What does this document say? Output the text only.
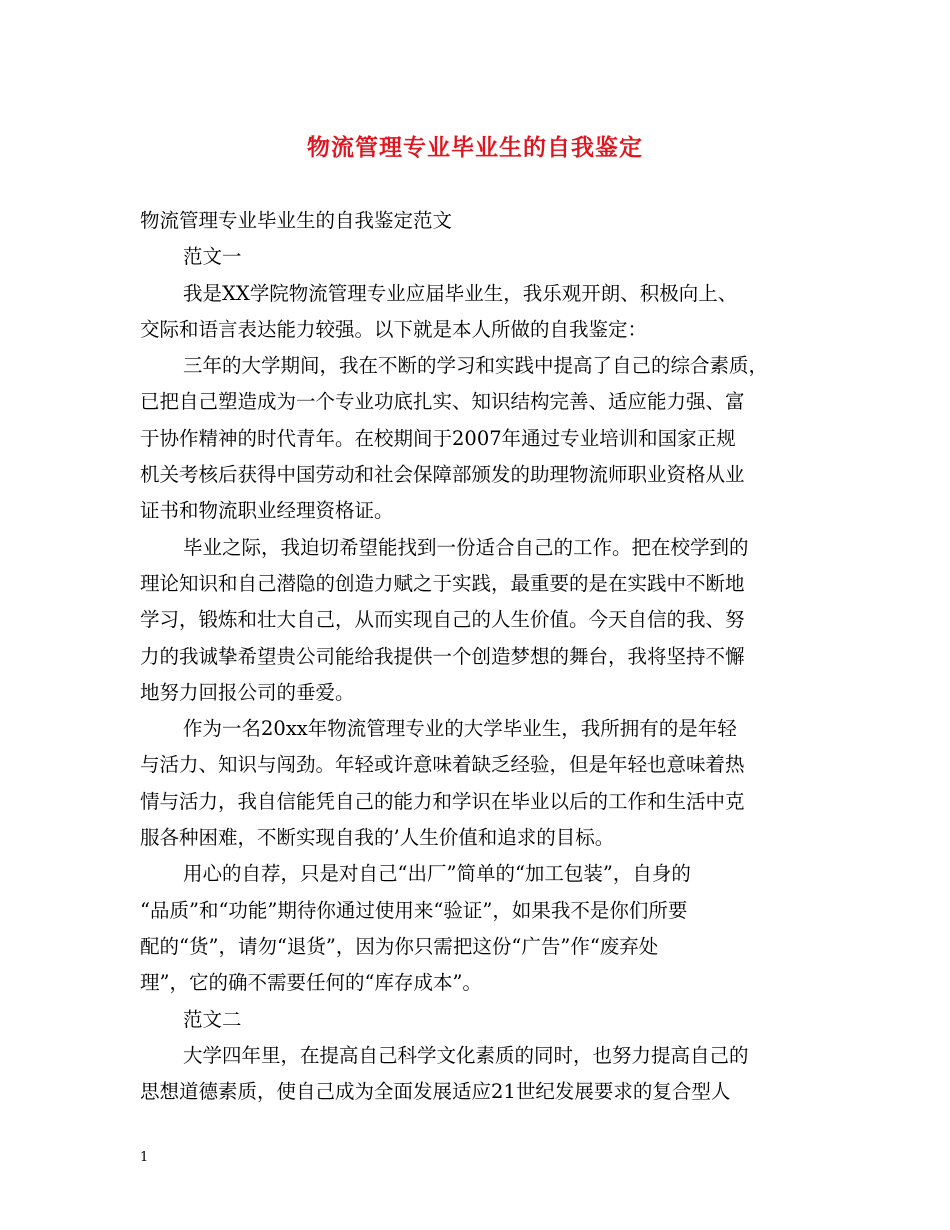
物流管理专业毕业生的自我鉴定

物流管理专业毕业生的自我鉴定范文

范文一

我是XX学院物流管理专业应届毕业生，我乐观开朗、积极向上、

交际和语言表达能力较强。以下就是本人所做的自我鉴定：

三年的大学期间，我在不断的学习和实践中提高了自己的综合素质，

已把自己塑造成为一个专业功底扎实、知识结构完善、适应能力强、富

于协作精神的时代青年。在校期间于2007年通过专业培训和国家正规

机关考核后获得中国劳动和社会保障部颁发的助理物流师职业资格从业

证书和物流职业经理资格证。

毕业之际，我迫切希望能找到一份适合自己的工作。把在校学到的

理论知识和自己潜隐的创造力赋之于实践，最重要的是在实践中不断地

学习，锻炼和壮大自己，从而实现自己的人生价值。今天自信的我、努

力的我诚挚希望贵公司能给我提供一个创造梦想的舞台，我将坚持不懈

地努力回报公司的垂爱。

作为一名20xx年物流管理专业的大学毕业生，我所拥有的是年轻

与活力、知识与闯劲。年轻或许意味着缺乏经验，但是年轻也意味着热

情与活力，我自信能凭自己的能力和学识在毕业以后的工作和生活中克

服各种困难，不断实现自我的’人生价值和追求的目标。

用心的自荐，只是对自己“出厂”简单的“加工包装”，自身的

“品质”和“功能”期待你通过使用来“验证”，如果我不是你们所要

配的“货”，请勿“退货”，因为你只需把这份“广告”作“废弃处

理”，它的确不需要任何的“库存成本”。

范文二

大学四年里，在提高自己科学文化素质的同时，也努力提高自己的

思想道德素质，使自己成为全面发展适应21世纪发展要求的复合型人

1
